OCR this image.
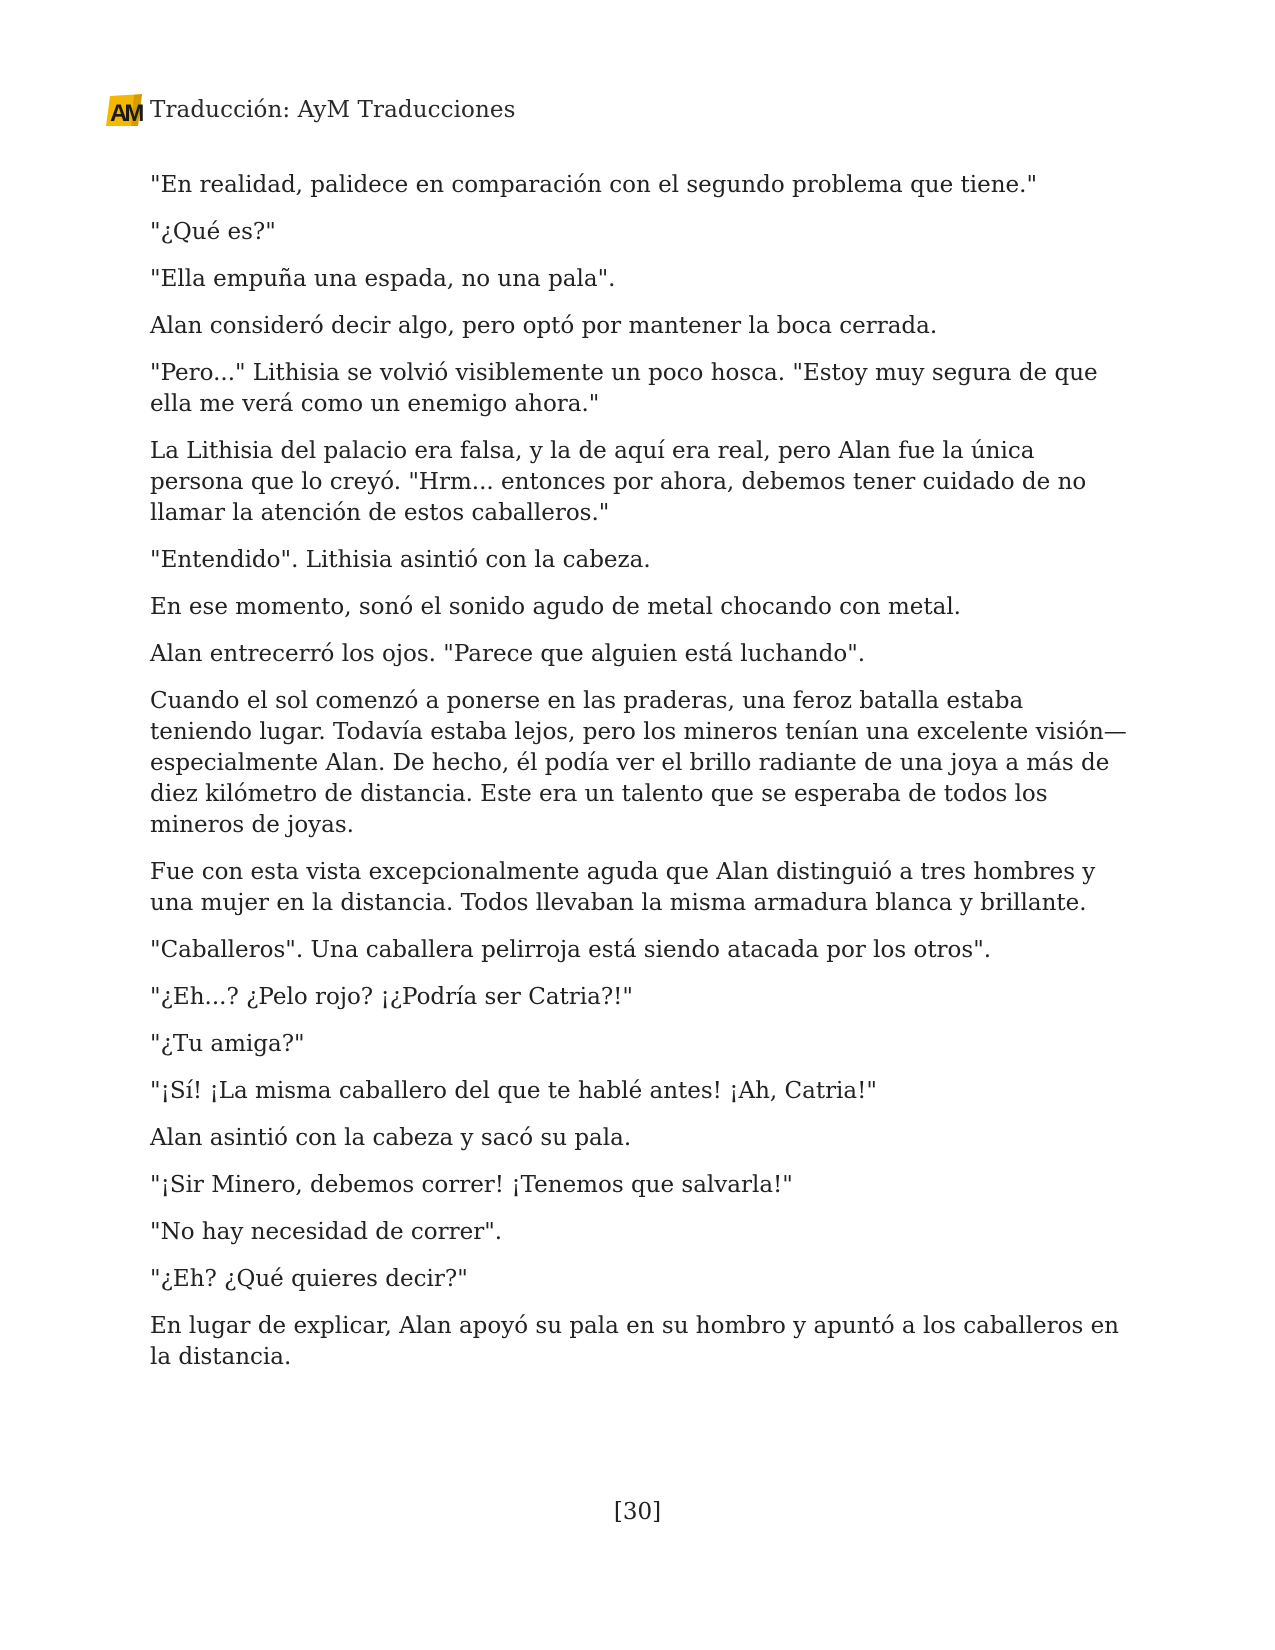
AM Traducción: AyM Traducciones

"En realidad, palidece en comparación con el segundo problema que tiene."

"¿Qué es?"

"Ella empuña una espada, no una pala".

Alan consideró decir algo, pero optó por mantener la boca cerrada.

"Pero..." Lithisia se volvió visiblemente un poco hosca. "Estoy muy segura de que ella me verá como un enemigo ahora."

La Lithisia del palacio era falsa, y la de aquí era real, pero Alan fue la única persona que lo creyó. "Hrm... entonces por ahora, debemos tener cuidado de no llamar la atención de estos caballeros."

"Entendido". Lithisia asintió con la cabeza.

En ese momento, sonó el sonido agudo de metal chocando con metal.

Alan entrecerró los ojos. "Parece que alguien está luchando".

Cuando el sol comenzó a ponerse en las praderas, una feroz batalla estaba teniendo lugar. Todavía estaba lejos, pero los mineros tenían una excelente visión—especialmente Alan. De hecho, él podía ver el brillo radiante de una joya a más de diez kilómetro de distancia. Este era un talento que se esperaba de todos los mineros de joyas.

Fue con esta vista excepcionalmente aguda que Alan distinguió a tres hombres y una mujer en la distancia. Todos llevaban la misma armadura blanca y brillante.

"Caballeros". Una caballera pelirroja está siendo atacada por los otros".

"¿Eh...? ¿Pelo rojo? ¡¿Podría ser Catria?!"

"¿Tu amiga?"

"¡Sí! ¡La misma caballero del que te hablé antes! ¡Ah, Catria!"

Alan asintió con la cabeza y sacó su pala.

"¡Sir Minero, debemos correr! ¡Tenemos que salvarla!"

"No hay necesidad de correr".

"¿Eh? ¿Qué quieres decir?"

En lugar de explicar, Alan apoyó su pala en su hombro y apuntó a los caballeros en la distancia.

[30]
